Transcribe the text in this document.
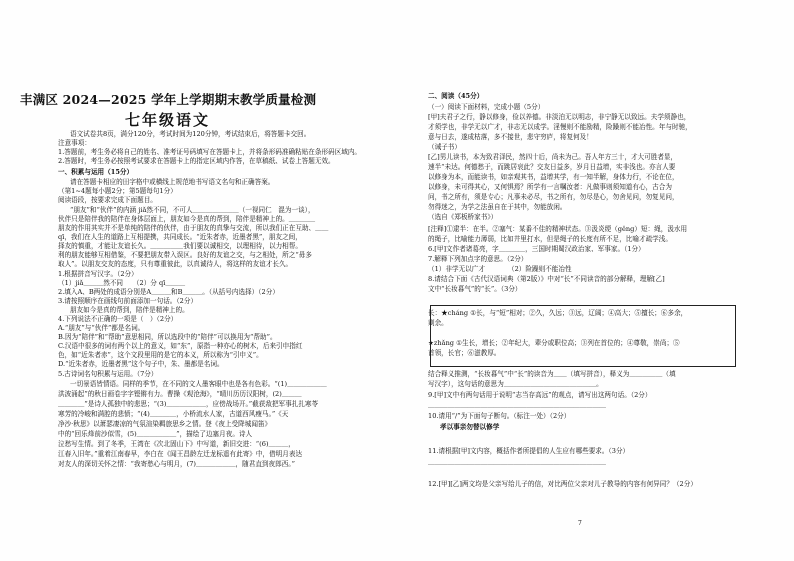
丰满区 2024—2025 学年上学期期末教学质量检测
七年级语文
语文试卷共8页，满分120分，考试时间为120分钟，考试结束后，将答题卡交回。
注意事项：
1.答题前，考生务必将自己的姓名、准考证号码填写在答题卡上，并将条形码准确粘贴在条形码区域内。
2.答题时，考生务必按照考试要求在答题卡上的指定区域内作答，在草稿纸、试卷上答题无效。
一、积累与运用（15分）
请在答题卡相应的田字格中或横线上规范地书写语文名句和正确答案。
（第1~4题每小题2分；第5题每句1分）
阅读语段，按要求完成下面题目。
“朋友”和“伙伴”的内涵 jiǎ然不同，不可人＿＿＿＿＿＿＿（一视同仁　混为一谈），
伙伴只是陪伴我的陪伴在身体层面上，朋友如今是真的帮到，陪伴是精神上的。＿＿＿＿
朋友的作用其实并不是单纯的陪伴的伙伴，由于朋友的真挚与交流，所以我们正在互助、＿＿
qī，我们在人生的道路上互相提携，共同成长。“近朱者赤，近墨者黑”，朋友之间，
择友的慎重，才能让友谊长久。＿＿＿＿＿我们要以诚相交，以理相待，以力相帮。
利的朋友能够互相借鉴，不要把朋友带入误区。良好的友谊之交，与之相处，所之“毋多
取人”。以朋友交友的态度，只有尊重彼此，以真诚待人，将这样的友谊才长久。
1.根据拼音写汉字。（2分）
（1）jiǎ＿＿＿然不同　　（2）分 qī＿＿＿
2.填入A、B两处的成语分别是A＿＿＿和B＿＿＿。（从括号内选择）（2分）
3.请按照顺序在画线句前面添加一句话。（2分）
朋友如今是真的帮到，陪伴是精神上的。
4.下列说法不正确的一项是（　）（2分）
A.“朋友”与“伙伴”都是名词。
B.因为“陪伴”和“帮助”意思相同，所以选段中的“陪伴”可以换用为“帮助”。
C.汉语中很多的词有两个以上的意义，如“东”，原指一种亦心的树木，后来引申指红
色，如“近朱者赤”，这个文段里用的是它的本义，所以称为“引申义”。
D.“近朱者赤，近墨者黑”这个句子中，朱、墨都是名词。
5.古诗词名句积累与运用。（7分）
一切景语皆情语。同样的季节，在不同的文人墨客眼中也是各有色彩。“(1)＿＿＿＿＿＿
洪波涌起”的秋日画卷字字铿锵有力。曹操《观沧海》，“晴川历历汉阳树，(2)＿＿＿
＿＿＿＿”是诗人孤独中的悲思；“(3)＿＿＿＿＿＿，应傍战场开。”截获敌把军事扎扎寒苓
寒芳的冷峻和满腔的悲愤；“(4)＿＿＿＿，小桥流水人家，古道西风瘦马。”《天
净沙·秋思》以萧瑟凄凉的气氛渲染羁旅思乡之情。登《夜上受降城闻笛》
中的“回乐烽前沙似雪，(5)＿＿＿＿＿＿”，描绘了边塞月夜。诗人
泣愁写生情。到了冬季，王湾在《次北固山下》中写道，新旧交进：“(6)＿＿＿，
江春入旧年。”重着江南春早，李白在《闻王昌龄左迁龙标遥有此寄》中，借明月表达
对友人的深切关怀之情：“我寄愁心与明月，(7)＿＿＿＿＿＿，随君直到夜郎西。”
二、阅读（45分）
（一）阅读下面材料，完成小题（5分）
[甲]夫君子之行，静以修身，俭以养德。非淡泊无以明志，非宁静无以致远。夫学须静也，
才须学也，非学无以广才，非志无以成学。淫慢则不能励精，险躁则不能冶性。年与时驰，
意与日去，遂成枯落，多不接世，悲守穷庐，将复何及！
（诫子书）
[乙]男儿读书，本为致君泽民，然四十后，尚未为己。吾人年方三十，才大可胜者显，
速半“未达。何德愁于，而跳居哀此？交友日益多，岁月日益增，实非浅也。亦言人要
以修身为本，而能读书，如亲观其书，益增其学，有一知半解，身体力行，不论在位，
以修身，未可得其心，又何惧焉？所学有一言嘱汝者：凡做事则须知道有心，古合为
问，书之所有，须是专心；凡事未必尽，书之所有，勿尽是心，勿舍见问，勿复见问，
勿得迷之，为学之法虽自在于其中，勿能放闲。
（选自《郑板桥家书》）
[注释]①逮半：在半。②塞气：某番不佳的精神状态。③汲炎绠（gěng）短：绳，汲水用
的绳子，比喻能力薄弱，比如井里打水，但是绳子的长度有所不足，比喻才疏学浅。
6.[甲]文作者诸葛亮，字＿＿＿＿，三国时期蜀汉政治家、军事家。（1分）
7.解释下列加点字的意思。（2分）
（1）非学无以广才　　　　（2）险躁则不能冶性
8.请结合下面《古代汉语词典（第2版）》中对“长”不同读音的部分解释，理解[乙]
文中“长妆暮气”的“长”。（3分）
长：★cháng ①长，与“短”相对；②久，久远；③远，辽阔；④高大；⑤擅长；⑥多余，
剩余。
★zhǎng ①生长，增长；②年纪大，辈分或职位高；③列在首位的；④尊敬，崇尚；⑤
首领，长官；⑥滋教厚。
结合释义推测，“长妆暮气”中“长”的读音为＿＿（填写拼音），释义为＿＿＿＿＿（填
写汉字），这句话的意思为＿＿＿＿＿＿＿＿＿＿＿＿＿＿。
9.[甲]文中有两句话用于说明“志当存高远”的观点，请写出这两句话。（2分）
＿＿＿＿＿＿＿＿＿＿＿＿＿＿＿＿＿＿＿＿＿＿＿＿＿＿＿
10.请用“/”为下面句子断句。（标注一处）（2分）
孝以事亲勿替以修学
11.请根据[甲]文内容，概括作者所提倡的人生应有哪些要求。（3分）
＿＿＿＿＿＿＿＿＿＿＿＿＿＿＿＿＿＿＿＿＿＿＿＿＿＿＿
12.[甲][乙]两文均是父亲写给儿子的信，对比两位父亲对儿子教导的内容有何异同？（2分）
7
